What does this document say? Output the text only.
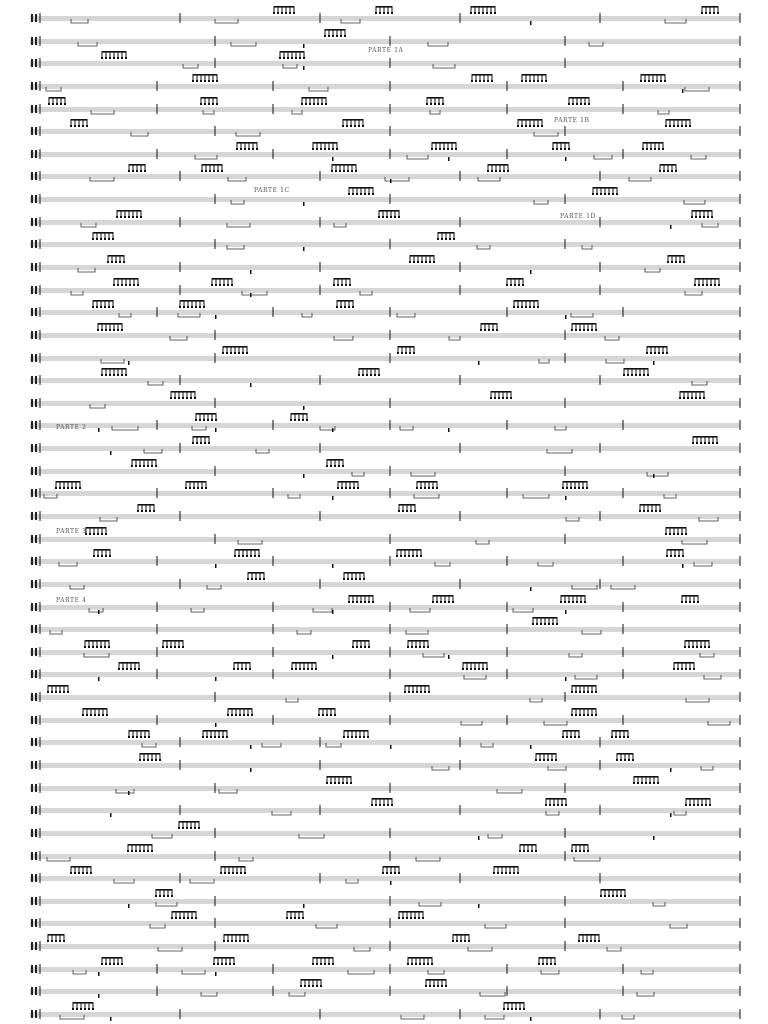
PARTE 1A
PARTE 1B
PARTE 1C
PARTE 1D
PARTE 2
PARTE 3
PARTE 4
